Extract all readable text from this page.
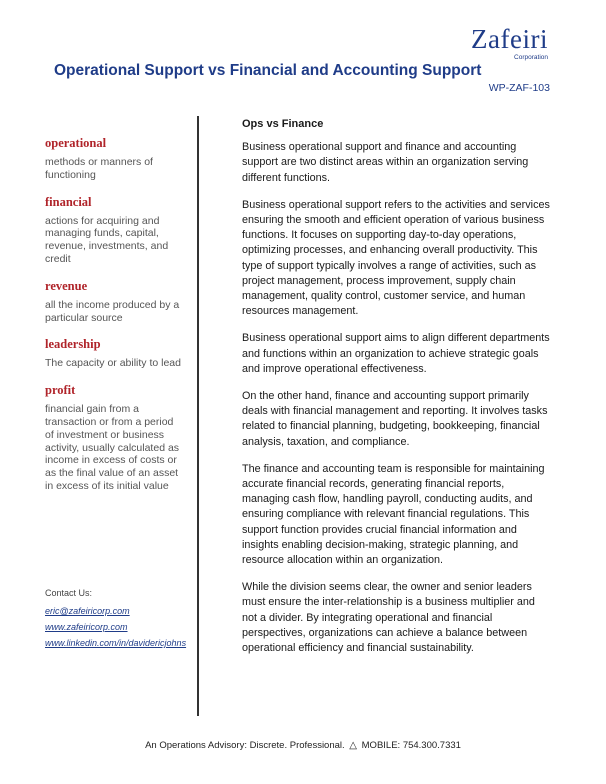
Zafeiri
Corporation
Operational Support vs Financial and Accounting Support
WP-ZAF-103
operational
methods or manners of functioning
financial
actions for acquiring and managing funds, capital, revenue, investments, and credit
revenue
all the income produced by a particular source
leadership
The capacity or ability to lead
profit
financial gain from a transaction or from a period of investment or business activity, usually calculated as income in excess of costs or as the final value of an asset in excess of its initial value
Contact Us:
eric@zafeiricorp.com
www.zafeiricorp.com
www.linkedin.com/in/davidericjohns
Ops vs Finance

Business operational support and finance and accounting support are two distinct areas within an organization serving different functions.

Business operational support refers to the activities and services ensuring the smooth and efficient operation of various business functions. It focuses on supporting day-to-day operations, optimizing processes, and enhancing overall productivity. This type of support typically involves a range of activities, such as project management, process improvement, supply chain management, quality control, customer service, and human resources management.

Business operational support aims to align different departments and functions within an organization to achieve strategic goals and improve operational effectiveness.

On the other hand, finance and accounting support primarily deals with financial management and reporting. It involves tasks related to financial planning, budgeting, bookkeeping, financial analysis, taxation, and compliance.

The finance and accounting team is responsible for maintaining accurate financial records, generating financial reports, managing cash flow, handling payroll, conducting audits, and ensuring compliance with relevant financial regulations. This support function provides crucial financial information and insights enabling decision-making, strategic planning, and resource allocation within an organization.

While the division seems clear, the owner and senior leaders must ensure the inter-relationship is a business multiplier and not a divider. By integrating operational and financial perspectives, organizations can achieve a balance between operational efficiency and financial sustainability.

An Operations Advisory: Discrete. Professional. △ MOBILE: 754.300.7331
